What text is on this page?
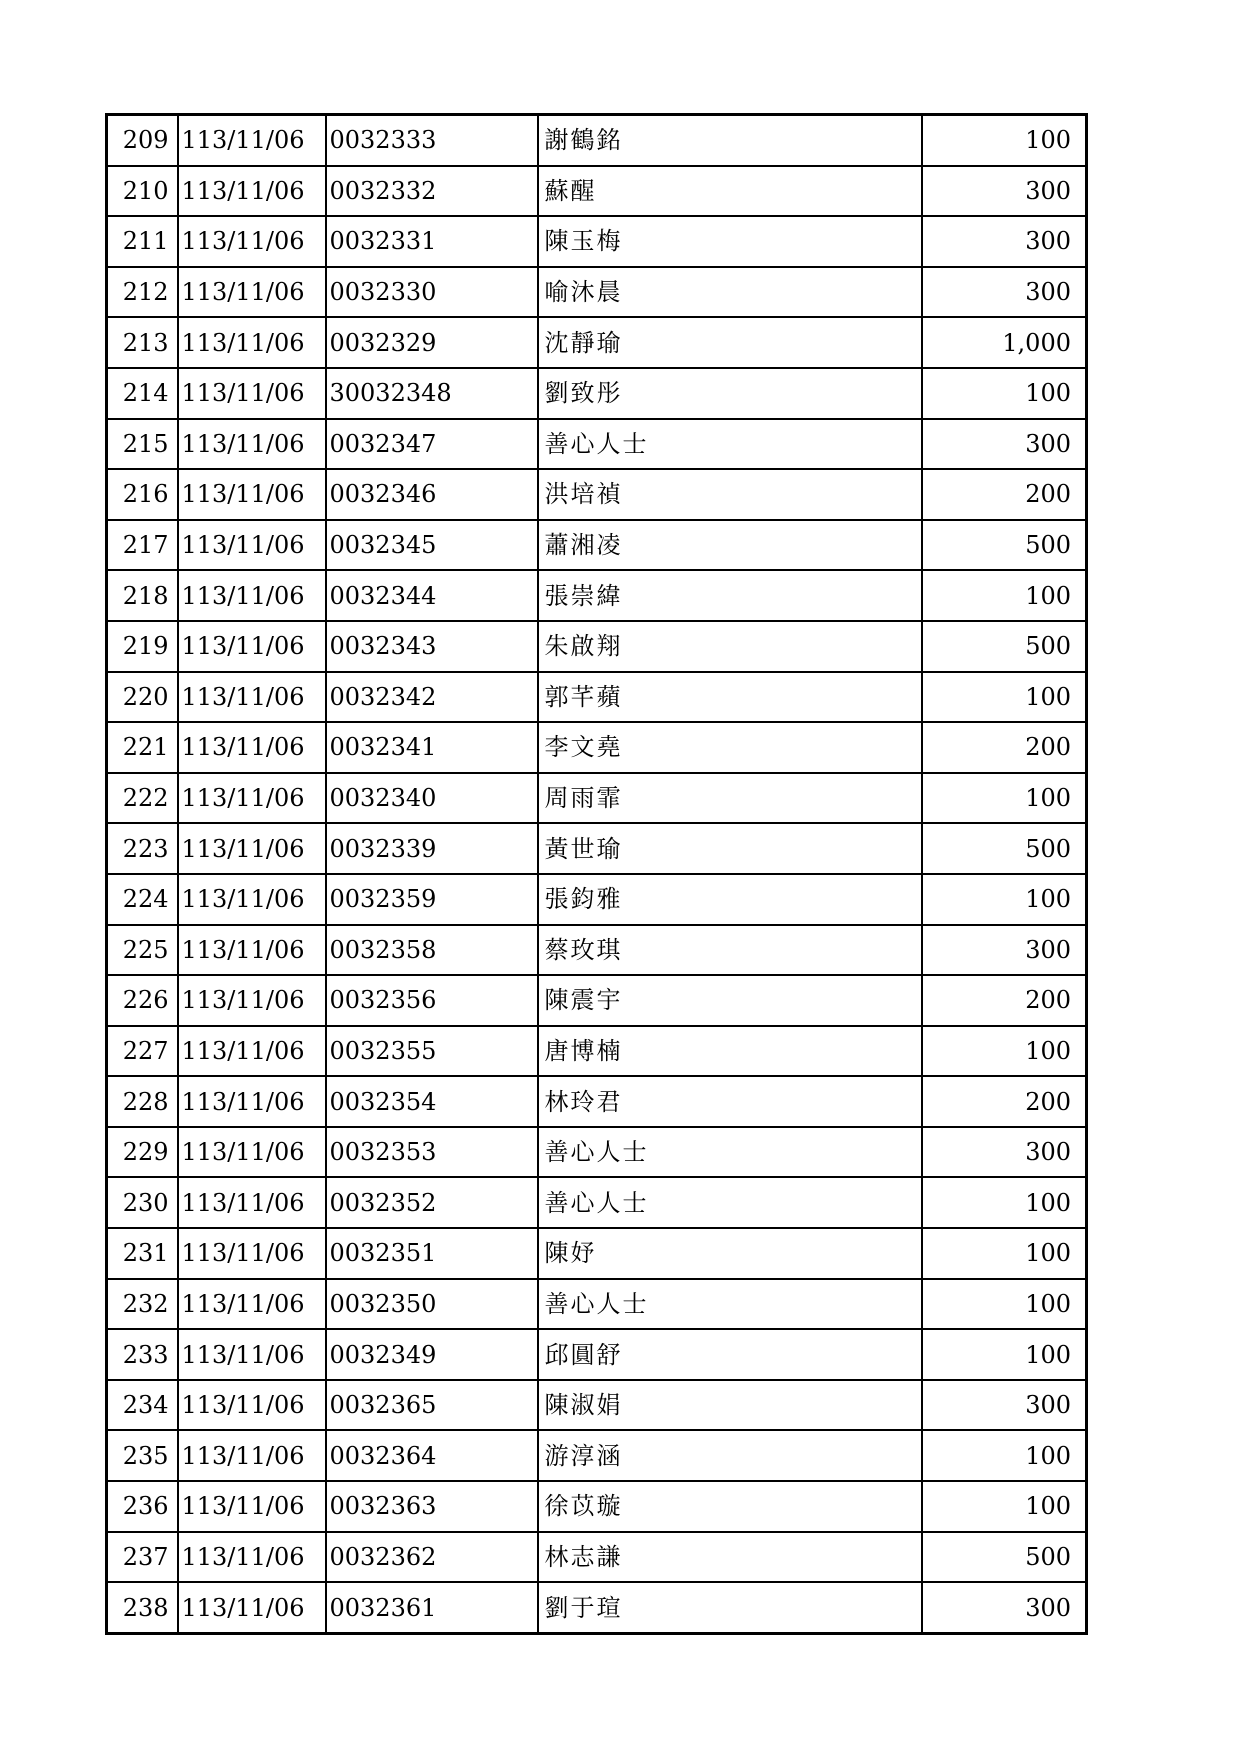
209	113/11/06	0032333	謝鶴銘	100
210	113/11/06	0032332	蘇醒	300
211	113/11/06	0032331	陳玉梅	300
212	113/11/06	0032330	喻沐晨	300
213	113/11/06	0032329	沈靜瑜	1,000
214	113/11/06	30032348	劉致彤	100
215	113/11/06	0032347	善心人士	300
216	113/11/06	0032346	洪培禎	200
217	113/11/06	0032345	蕭湘凌	500
218	113/11/06	0032344	張崇緯	100
219	113/11/06	0032343	朱啟翔	500
220	113/11/06	0032342	郭芊蘋	100
221	113/11/06	0032341	李文堯	200
222	113/11/06	0032340	周雨霏	100
223	113/11/06	0032339	黃世瑜	500
224	113/11/06	0032359	張鈞雅	100
225	113/11/06	0032358	蔡玫琪	300
226	113/11/06	0032356	陳震宇	200
227	113/11/06	0032355	唐博楠	100
228	113/11/06	0032354	林玲君	200
229	113/11/06	0032353	善心人士	300
230	113/11/06	0032352	善心人士	100
231	113/11/06	0032351	陳妤	100
232	113/11/06	0032350	善心人士	100
233	113/11/06	0032349	邱圓舒	100
234	113/11/06	0032365	陳淑娟	300
235	113/11/06	0032364	游淳涵	100
236	113/11/06	0032363	徐苡璇	100
237	113/11/06	0032362	林志謙	500
238	113/11/06	0032361	劉于瑄	300
